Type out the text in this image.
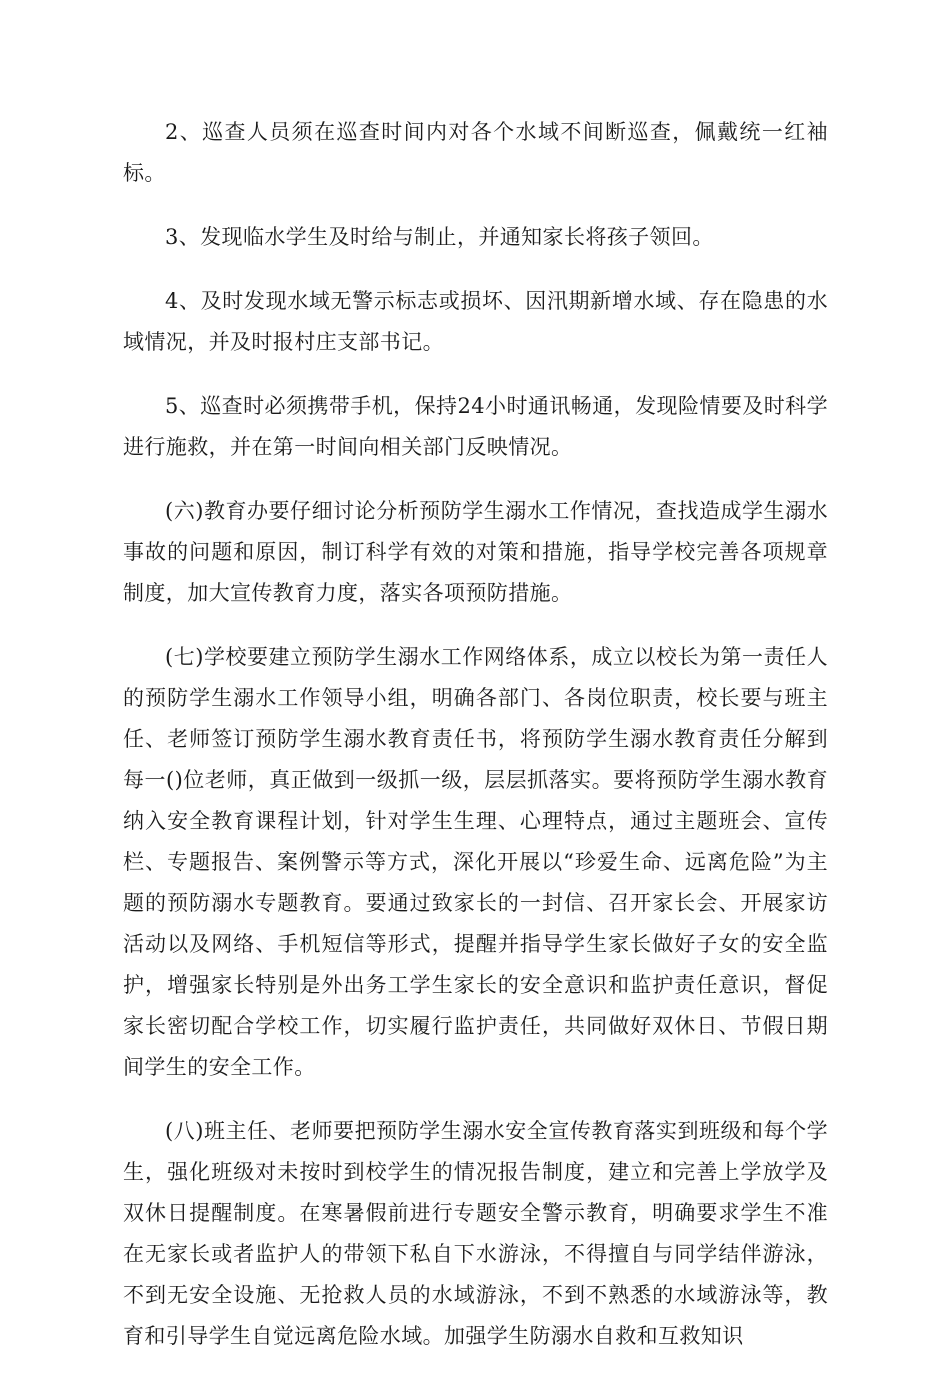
2、巡查人员须在巡查时间内对各个水域不间断巡查，佩戴统一红袖标。

3、发现临水学生及时给与制止，并通知家长将孩子领回。

4、及时发现水域无警示标志或损坏、因汛期新增水域、存在隐患的水域情况，并及时报村庄支部书记。

5、巡查时必须携带手机，保持24小时通讯畅通，发现险情要及时科学进行施救，并在第一时间向相关部门反映情况。

(六)教育办要仔细讨论分析预防学生溺水工作情况，查找造成学生溺水事故的问题和原因，制订科学有效的对策和措施，指导学校完善各项规章制度，加大宣传教育力度，落实各项预防措施。

(七)学校要建立预防学生溺水工作网络体系，成立以校长为第一责任人的预防学生溺水工作领导小组，明确各部门、各岗位职责，校长要与班主任、老师签订预防学生溺水教育责任书，将预防学生溺水教育责任分解到每一()位老师，真正做到一级抓一级，层层抓落实。要将预防学生溺水教育纳入安全教育课程计划，针对学生生理、心理特点，通过主题班会、宣传栏、专题报告、案例警示等方式，深化开展以“珍爱生命、远离危险”为主题的预防溺水专题教育。要通过致家长的一封信、召开家长会、开展家访活动以及网络、手机短信等形式，提醒并指导学生家长做好子女的安全监护，增强家长特别是外出务工学生家长的安全意识和监护责任意识，督促家长密切配合学校工作，切实履行监护责任，共同做好双休日、节假日期间学生的安全工作。

(八)班主任、老师要把预防学生溺水安全宣传教育落实到班级和每个学生，强化班级对未按时到校学生的情况报告制度，建立和完善上学放学及双休日提醒制度。在寒暑假前进行专题安全警示教育，明确要求学生不准在无家长或者监护人的带领下私自下水游泳，不得擅自与同学结伴游泳，不到无安全设施、无抢救人员的水域游泳，不到不熟悉的水域游泳等，教育和引导学生自觉远离危险水域。加强学生防溺水自救和互救知识
